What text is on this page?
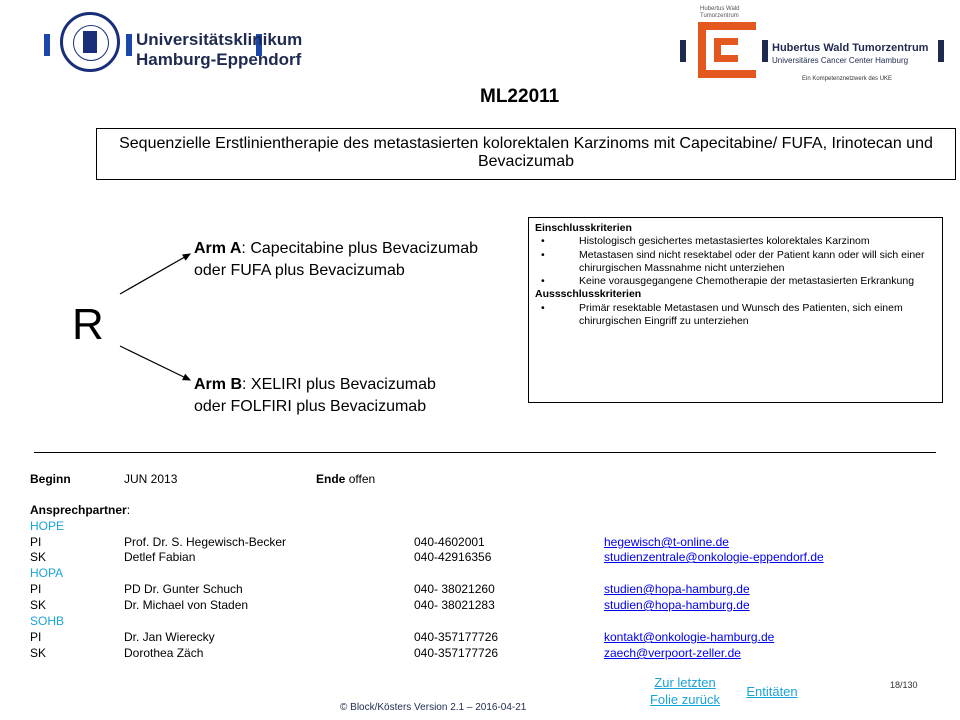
Universitätsklinikum
Hamburg-Eppendorf
Hubertus Wald
Tumorzentrum
Hubertus Wald Tumorzentrum
Universitäres Cancer Center Hamburg
Ein Kompetenznetzwerk des UKE
ML22011
Sequenzielle Erstlinientherapie des metastasierten kolorektalen Karzinoms mit Capecitabine/ FUFA, Irinotecan und Bevacizumab
R
Arm A: Capecitabine plus Bevacizumab
oder FUFA plus Bevacizumab
Arm B: XELIRI plus Bevacizumab
oder FOLFIRI plus Bevacizumab
Einschlusskriterien
•	Histologisch gesichertes metastasiertes kolorektales Karzinom
•	Metastasen sind nicht resektabel oder der Patient kann oder will sich einer chirurgischen Massnahme nicht unterziehen
•	Keine vorausgegangene Chemotherapie der metastasierten Erkrankung
Aussschlusskriterien
•	Primär resektable Metastasen und Wunsch des Patienten, sich einem chirurgischen Eingriff zu unterziehen
Beginn	JUN 2013	Ende offen
Ansprechpartner:
HOPE
PI	Prof. Dr. S. Hegewisch-Becker	040-4602001	hegewisch@t-online.de
SK	Detlef Fabian	040-42916356	studienzentrale@onkologie-eppendorf.de
HOPA
PI	PD Dr. Gunter Schuch	040- 38021260	studien@hopa-hamburg.de
SK	Dr. Michael von Staden	040- 38021283	studien@hopa-hamburg.de
SOHB
PI	Dr. Jan Wierecky	040-357177726	kontakt@onkologie-hamburg.de
SK	Dorothea Zäch	040-357177726	zaech@verpoort-zeller.de
Zur letzten
Folie zurück
Entitäten	18/130
© Block/Kösters Version 2.1 – 2016-04-21
